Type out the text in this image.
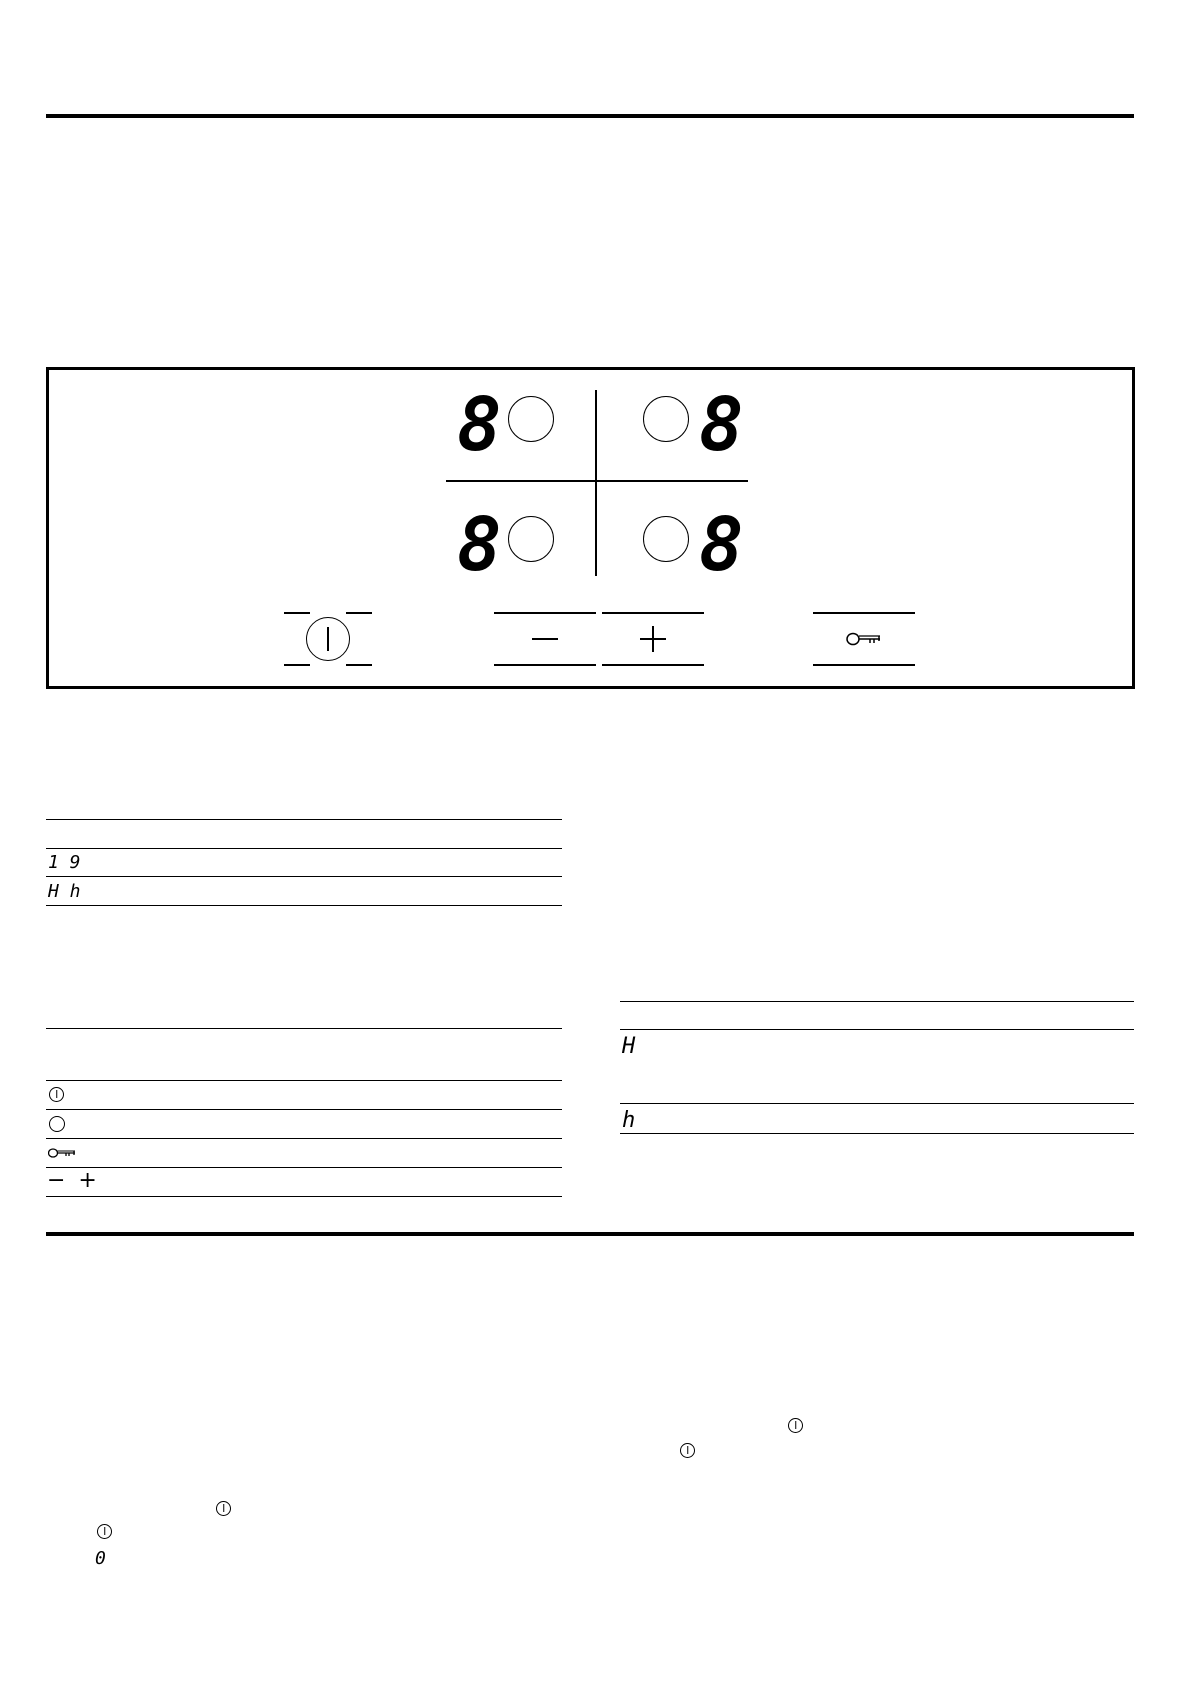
8	8
8	8
1 9
H h
− +
H
h
0
